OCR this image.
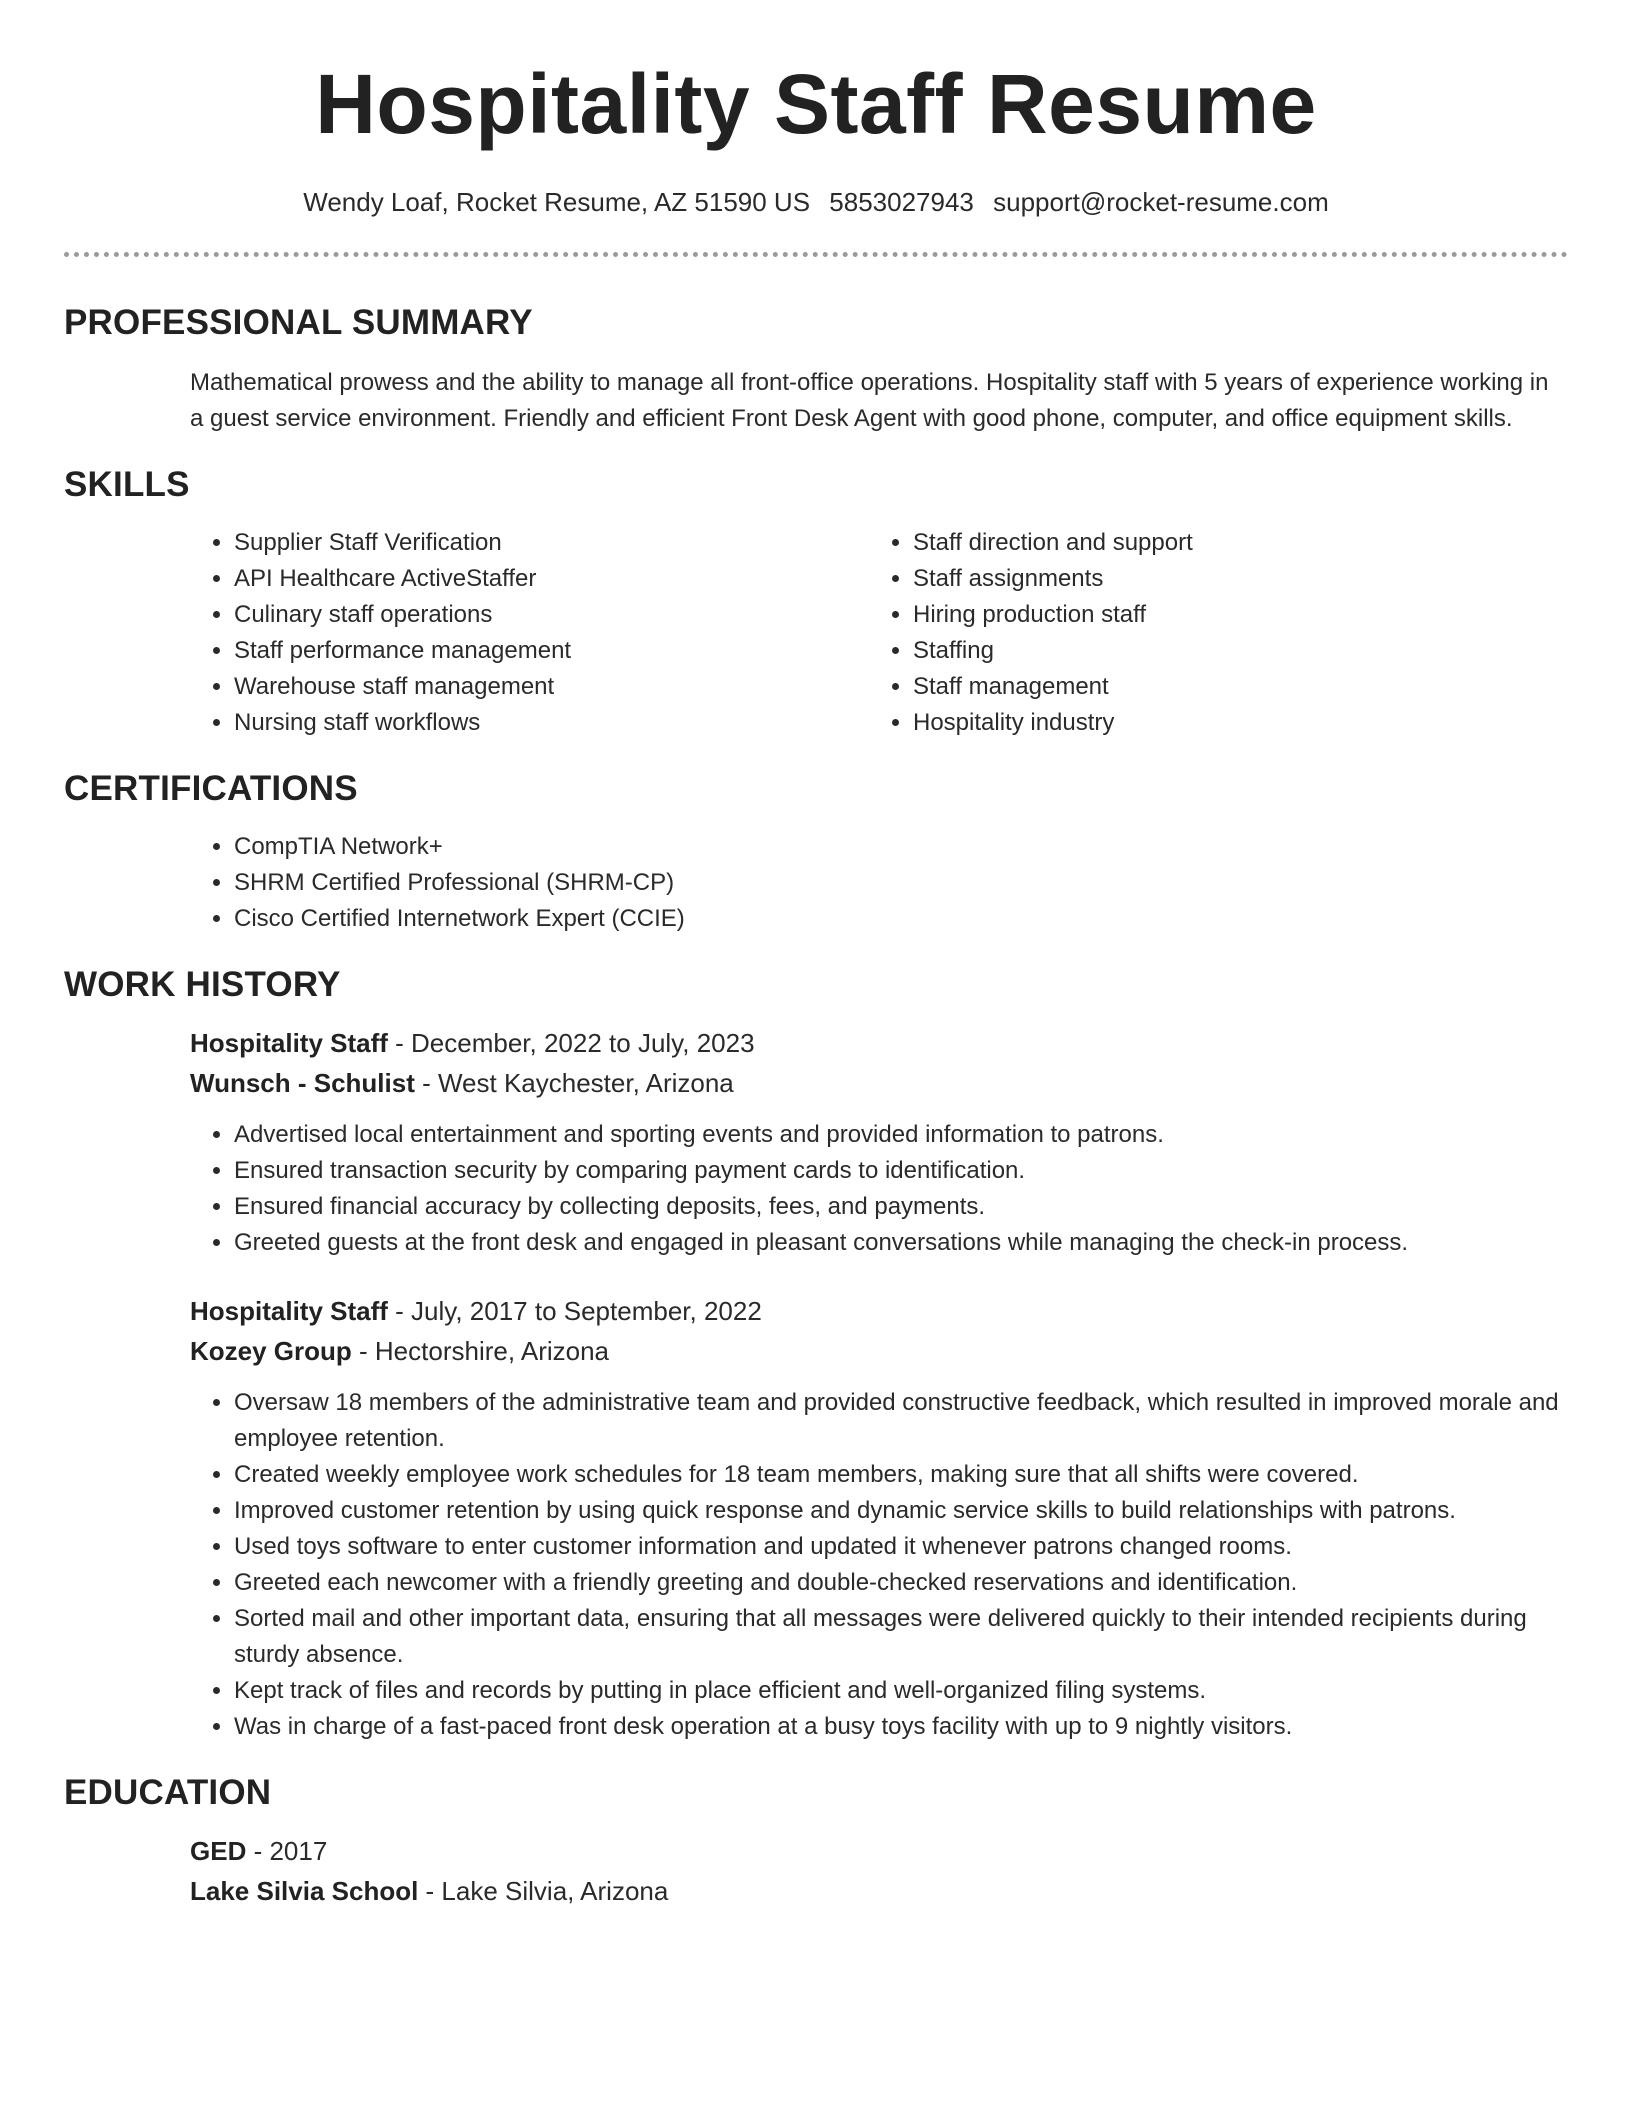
Hospitality Staff Resume
Wendy Loaf, Rocket Resume, AZ 51590 US 5853027943 support@rocket-resume.com
PROFESSIONAL SUMMARY

Mathematical prowess and the ability to manage all front-office operations. Hospitality staff with 5 years of experience working in a guest service environment. Friendly and efficient Front Desk Agent with good phone, computer, and office equipment skills.

SKILLS
• Supplier Staff Verification
• API Healthcare ActiveStaffer
• Culinary staff operations
• Staff performance management
• Warehouse staff management
• Nursing staff workflows
• Staff direction and support
• Staff assignments
• Hiring production staff
• Staffing
• Staff management
• Hospitality industry
CERTIFICATIONS
• CompTIA Network+
• SHRM Certified Professional (SHRM-CP)
• Cisco Certified Internetwork Expert (CCIE)
WORK HISTORY
Hospitality Staff - December, 2022 to July, 2023
Wunsch - Schulist - West Kaychester, Arizona
• Advertised local entertainment and sporting events and provided information to patrons.
• Ensured transaction security by comparing payment cards to identification.
• Ensured financial accuracy by collecting deposits, fees, and payments.
• Greeted guests at the front desk and engaged in pleasant conversations while managing the check-in process.
Hospitality Staff - July, 2017 to September, 2022
Kozey Group - Hectorshire, Arizona
• Oversaw 18 members of the administrative team and provided constructive feedback, which resulted in improved morale and employee retention.
• Created weekly employee work schedules for 18 team members, making sure that all shifts were covered.
• Improved customer retention by using quick response and dynamic service skills to build relationships with patrons.
• Used toys software to enter customer information and updated it whenever patrons changed rooms.
• Greeted each newcomer with a friendly greeting and double-checked reservations and identification.
• Sorted mail and other important data, ensuring that all messages were delivered quickly to their intended recipients during sturdy absence.
• Kept track of files and records by putting in place efficient and well-organized filing systems.
• Was in charge of a fast-paced front desk operation at a busy toys facility with up to 9 nightly visitors.
EDUCATION
GED - 2017
Lake Silvia School - Lake Silvia, Arizona
